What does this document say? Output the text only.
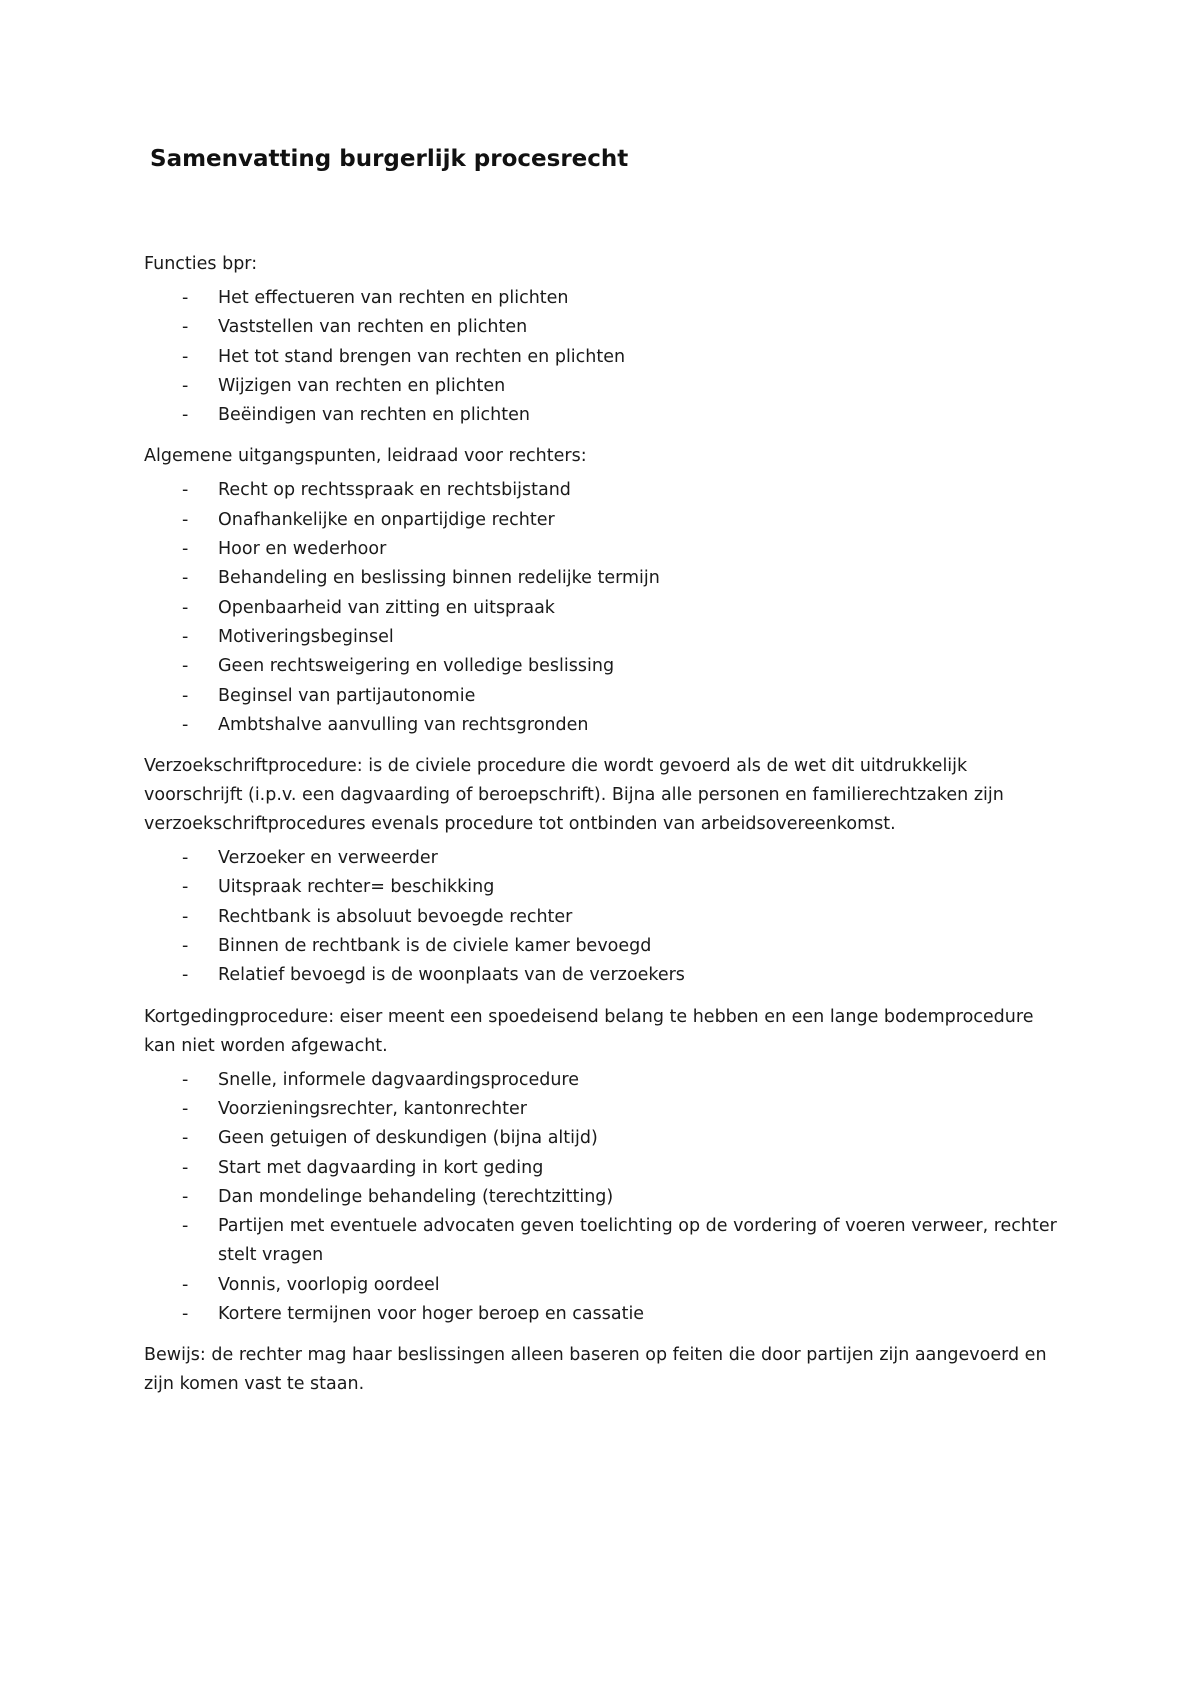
Samenvatting burgerlijk procesrecht

Functies bpr:

- Het effectueren van rechten en plichten
- Vaststellen van rechten en plichten
- Het tot stand brengen van rechten en plichten
- Wijzigen van rechten en plichten
- Beëindigen van rechten en plichten

Algemene uitgangspunten, leidraad voor rechters:

- Recht op rechtsspraak en rechtsbijstand
- Onafhankelijke en onpartijdige rechter
- Hoor en wederhoor
- Behandeling en beslissing binnen redelijke termijn
- Openbaarheid van zitting en uitspraak
- Motiveringsbeginsel
- Geen rechtsweigering en volledige beslissing
- Beginsel van partijautonomie
- Ambtshalve aanvulling van rechtsgronden

Verzoekschriftprocedure: is de civiele procedure die wordt gevoerd als de wet dit uitdrukkelijk voorschrijft (i.p.v. een dagvaarding of beroepschrift). Bijna alle personen en familierechtzaken zijn verzoekschriftprocedures evenals procedure tot ontbinden van arbeidsovereenkomst.

- Verzoeker en verweerder
- Uitspraak rechter= beschikking
- Rechtbank is absoluut bevoegde rechter
- Binnen de rechtbank is de civiele kamer bevoegd
- Relatief bevoegd is de woonplaats van de verzoekers

Kortgedingprocedure: eiser meent een spoedeisend belang te hebben en een lange bodemprocedure kan niet worden afgewacht.

- Snelle, informele dagvaardingsprocedure
- Voorzieningsrechter, kantonrechter
- Geen getuigen of deskundigen (bijna altijd)
- Start met dagvaarding in kort geding
- Dan mondelinge behandeling (terechtzitting)
- Partijen met eventuele advocaten geven toelichting op de vordering of voeren verweer, rechter stelt vragen
- Vonnis, voorlopig oordeel
- Kortere termijnen voor hoger beroep en cassatie

Bewijs: de rechter mag haar beslissingen alleen baseren op feiten die door partijen zijn aangevoerd en zijn komen vast te staan.
